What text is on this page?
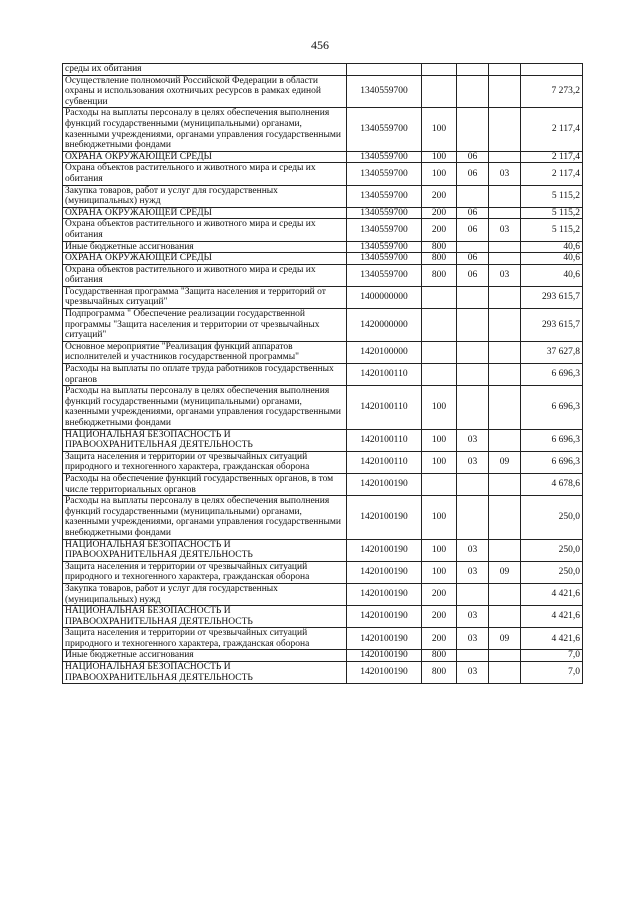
456
среды их обитания					
Осуществление полномочий Российской Федерации в области охраны и использования охотничьих ресурсов в рамках единой субвенции	1340559700				7 273,2
Расходы на выплаты персоналу в целях обеспечения выполнения функций государственными (муниципальными) органами, казенными учреждениями, органами управления государственными внебюджетными фондами	1340559700	100			2 117,4
ОХРАНА ОКРУЖАЮЩЕЙ СРЕДЫ	1340559700	100	06		2 117,4
Охрана объектов растительного и животного мира и среды их обитания	1340559700	100	06	03	2 117,4
Закупка товаров, работ и услуг для государственных (муниципальных) нужд	1340559700	200			5 115,2
ОХРАНА ОКРУЖАЮЩЕЙ СРЕДЫ	1340559700	200	06		5 115,2
Охрана объектов растительного и животного мира и среды их обитания	1340559700	200	06	03	5 115,2
Иные бюджетные ассигнования	1340559700	800			40,6
ОХРАНА ОКРУЖАЮЩЕЙ СРЕДЫ	1340559700	800	06		40,6
Охрана объектов растительного и животного мира и среды их обитания	1340559700	800	06	03	40,6
Государственная программа "Защита населения и территорий от чрезвычайных ситуаций"	1400000000				293 615,7
Подпрограмма " Обеспечение реализации государственной программы "Защита населения и территории от чрезвычайных ситуаций"	1420000000				293 615,7
Основное мероприятие "Реализация функций аппаратов исполнителей и участников государственной программы"	1420100000				37 627,8
Расходы на выплаты по оплате труда работников государственных органов	1420100110				6 696,3
Расходы на выплаты персоналу в целях обеспечения выполнения функций государственными (муниципальными) органами, казенными учреждениями, органами управления государственными внебюджетными фондами	1420100110	100			6 696,3
НАЦИОНАЛЬНАЯ БЕЗОПАСНОСТЬ И ПРАВООХРАНИТЕЛЬНАЯ ДЕЯТЕЛЬНОСТЬ	1420100110	100	03		6 696,3
Защита населения и территории от чрезвычайных ситуаций природного и техногенного характера, гражданская оборона	1420100110	100	03	09	6 696,3
Расходы на обеспечение функций государственных органов, в том числе территориальных органов	1420100190				4 678,6
Расходы на выплаты персоналу в целях обеспечения выполнения функций государственными (муниципальными) органами, казенными учреждениями, органами управления государственными внебюджетными фондами	1420100190	100			250,0
НАЦИОНАЛЬНАЯ БЕЗОПАСНОСТЬ И ПРАВООХРАНИТЕЛЬНАЯ ДЕЯТЕЛЬНОСТЬ	1420100190	100	03		250,0
Защита населения и территории от чрезвычайных ситуаций природного и техногенного характера, гражданская оборона	1420100190	100	03	09	250,0
Закупка товаров, работ и услуг для государственных (муниципальных) нужд	1420100190	200			4 421,6
НАЦИОНАЛЬНАЯ БЕЗОПАСНОСТЬ И ПРАВООХРАНИТЕЛЬНАЯ ДЕЯТЕЛЬНОСТЬ	1420100190	200	03		4 421,6
Защита населения и территории от чрезвычайных ситуаций природного и техногенного характера, гражданская оборона	1420100190	200	03	09	4 421,6
Иные бюджетные ассигнования	1420100190	800			7,0
НАЦИОНАЛЬНАЯ БЕЗОПАСНОСТЬ И ПРАВООХРАНИТЕЛЬНАЯ ДЕЯТЕЛЬНОСТЬ	1420100190	800	03		7,0
